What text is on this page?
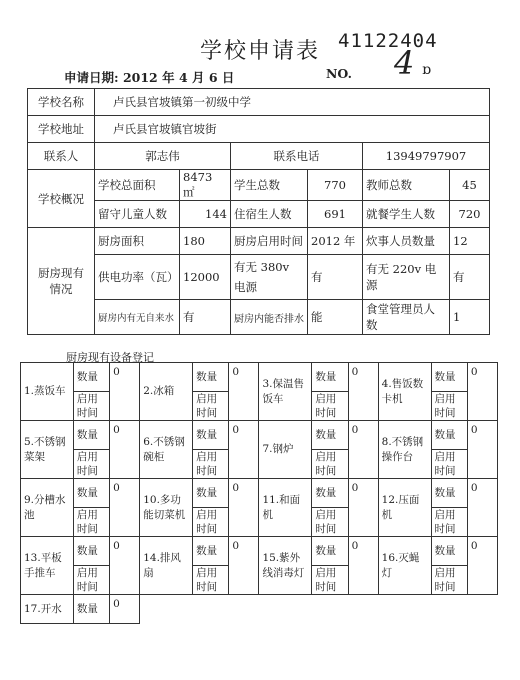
学校申请表 41122404
申请日期: 2012 年 4 月 6 日	NO. 4 ɒ
学校名称	卢氏县官坡镇第一初级中学					
学校地址	卢氏县官坡镇官坡街					
联系人	郭志伟		联系电话		13949797907	
学校概况	学校总面积	8473 ㎡	学生总数	770	教师总数	45
	留守儿童人数	144	住宿生人数	691	就餐学生人数	720
厨房现有情况	厨房面积	180	厨房启用时间	2012 年	炊事人员数量	12
	供电功率（瓦）	12000	有无 380v 电源	有	有无 220v 电源	有
	厨房内有无自来水	有	厨房内能否排水	能	食堂管理员人数	1
厨房现有设备登记
1.蒸饭车	数量	0	2.冰箱	数量	0	3.保温售饭车	数量	0	4.售饭数卡机	数量	0
	启用时间			启用时间			启用时间			启用时间	
5.不锈钢菜架	数量	0	6.不锈钢碗柜	数量	0	7.钢炉	数量	0	8.不锈钢操作台	数量	0
	启用时间			启用时间			启用时间			启用时间	
9.分槽水池	数量	0	10.多功能切菜机	数量	0	11.和面机	数量	0	12.压面机	数量	0
	启用时间			启用时间			启用时间			启用时间	
13.平板手推车	数量	0	14.排风扇	数量	0	15.紫外线消毒灯	数量	0	16.灭蝇灯	数量	0
	启用时间			启用时间			启用时间			启用时间	
17.开水	数量	0									
